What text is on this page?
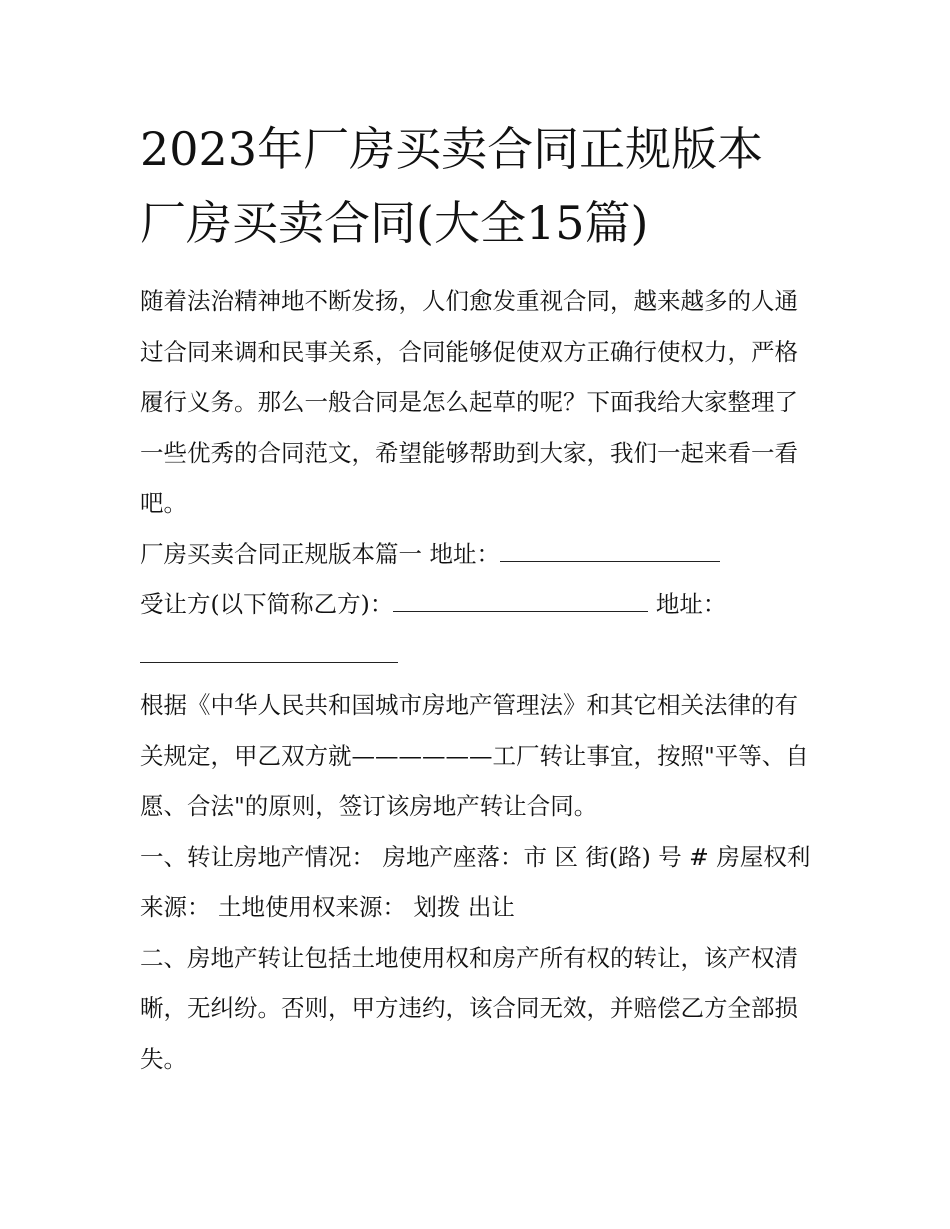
2023年厂房买卖合同正规版本
厂房买卖合同(大全15篇)

随着法治精神地不断发扬，人们愈发重视合同，越来越多的人通过合同来调和民事关系，合同能够促使双方正确行使权力，严格履行义务。那么一般合同是怎么起草的呢？下面我给大家整理了一些优秀的合同范文，希望能够帮助到大家，我们一起来看一看吧。

厂房买卖合同正规版本篇一 地址：

受让方(以下简称乙方)：	地址：

根据《中华人民共和国城市房地产管理法》和其它相关法律的有关规定，甲乙双方就——————工厂转让事宜，按照"平等、自愿、合法"的原则，签订该房地产转让合同。

一、转让房地产情况： 房地产座落：市 区 街(路) 号 # 房屋权利来源： 土地使用权来源： 划拨 出让

二、房地产转让包括土地使用权和房产所有权的转让，该产权清晰，无纠纷。否则，甲方违约，该合同无效，并赔偿乙方全部损失。
